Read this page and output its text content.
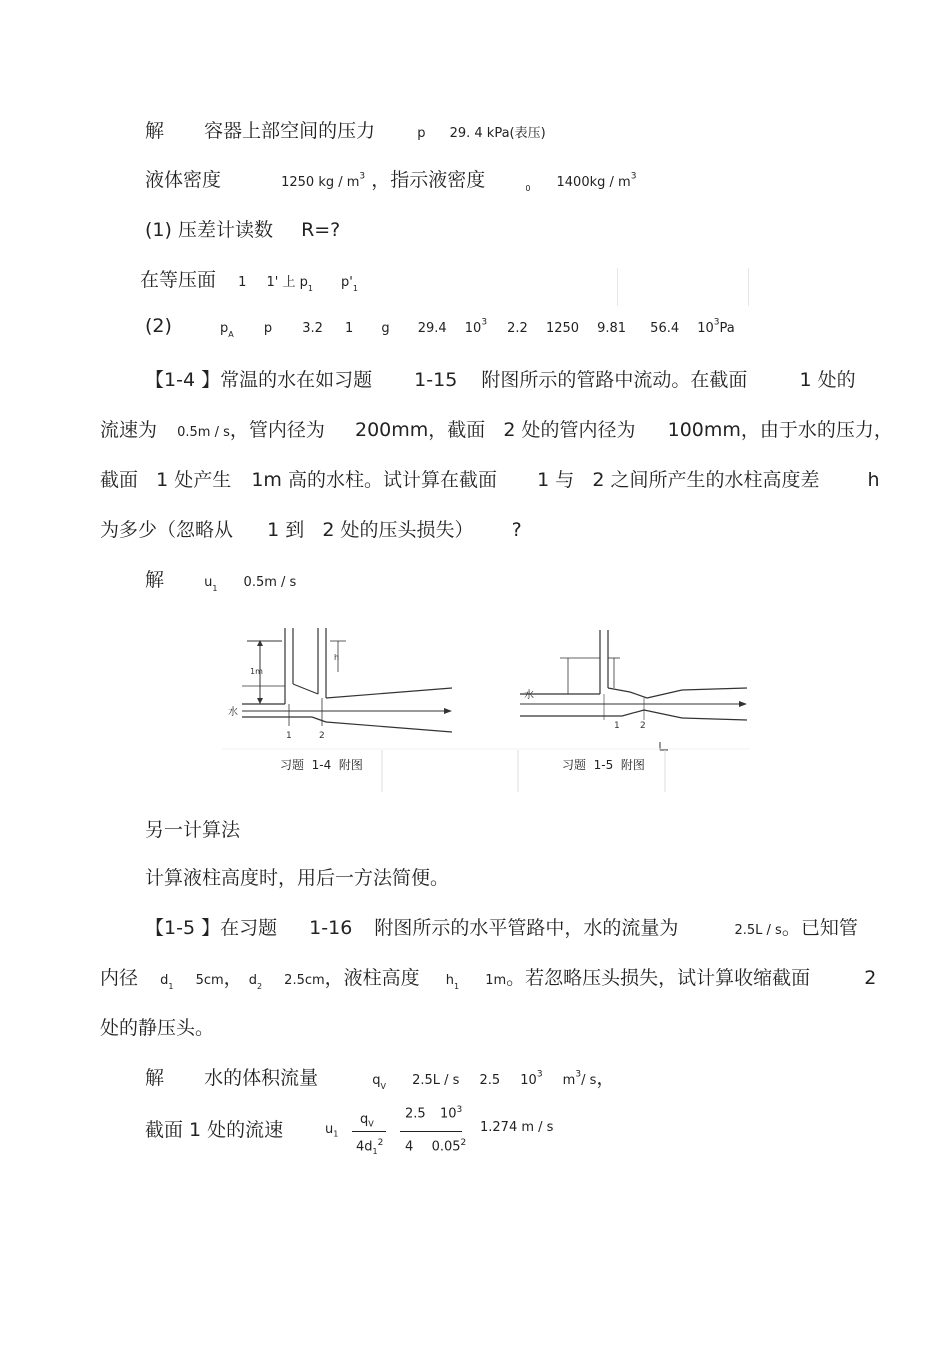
解 容器上部空间的压力	p 29. 4 kPa(表压)
液体密度	1250 kg / $m^3$ ，指示液密度	$_0$ $1400kg / m^3$
(1) 压差计读数 R=?
在等压面 1 1' 上 $p_1$ $p'_1$
(2)	$p_A$ p 3.2 1 g 29.4 $10^3$ 2.2 1250 9.81 56.4 $10^3Pa$
【1-4 】常温的水在如习题 1-15 附图所示的管路中流动。在截面	1 处的
流速为 0.5m / s，管内径为 200mm，截面 2 处的管内径为 100mm，由于水的压力，
截面 1 处产生 1m 高的水柱。试计算在截面 1 与 2 之间所产生的水柱高度差	h
为多少（忽略从 1 到 2 处的压头损失） ?
解	$u_1$ 0.5m / s
水
1m
h
1	2
水
1 2
习题  1-4  附图	习题  1-5  附图
另一计算法
计算液柱高度时，用后一方法简便。
【1-5 】在习题 1-16 附图所示的水平管路中，水的流量为	2.5L / s。已知管
内径 $d_1$ 5cm， $d_2$ 2.5cm，液柱高度 $h_1$ 1m。若忽略压头损失，试计算收缩截面	2
处的静压头。
解 水的体积流量	$q_V$ 2.5L / s 2.5 $10^3$ $m^3/$ s，
截面 1 处的流速	$u_1$
$q_V$
$4d_1^2$
2.5 $10^3$
4 0.05$^2$
1.274 m / s
